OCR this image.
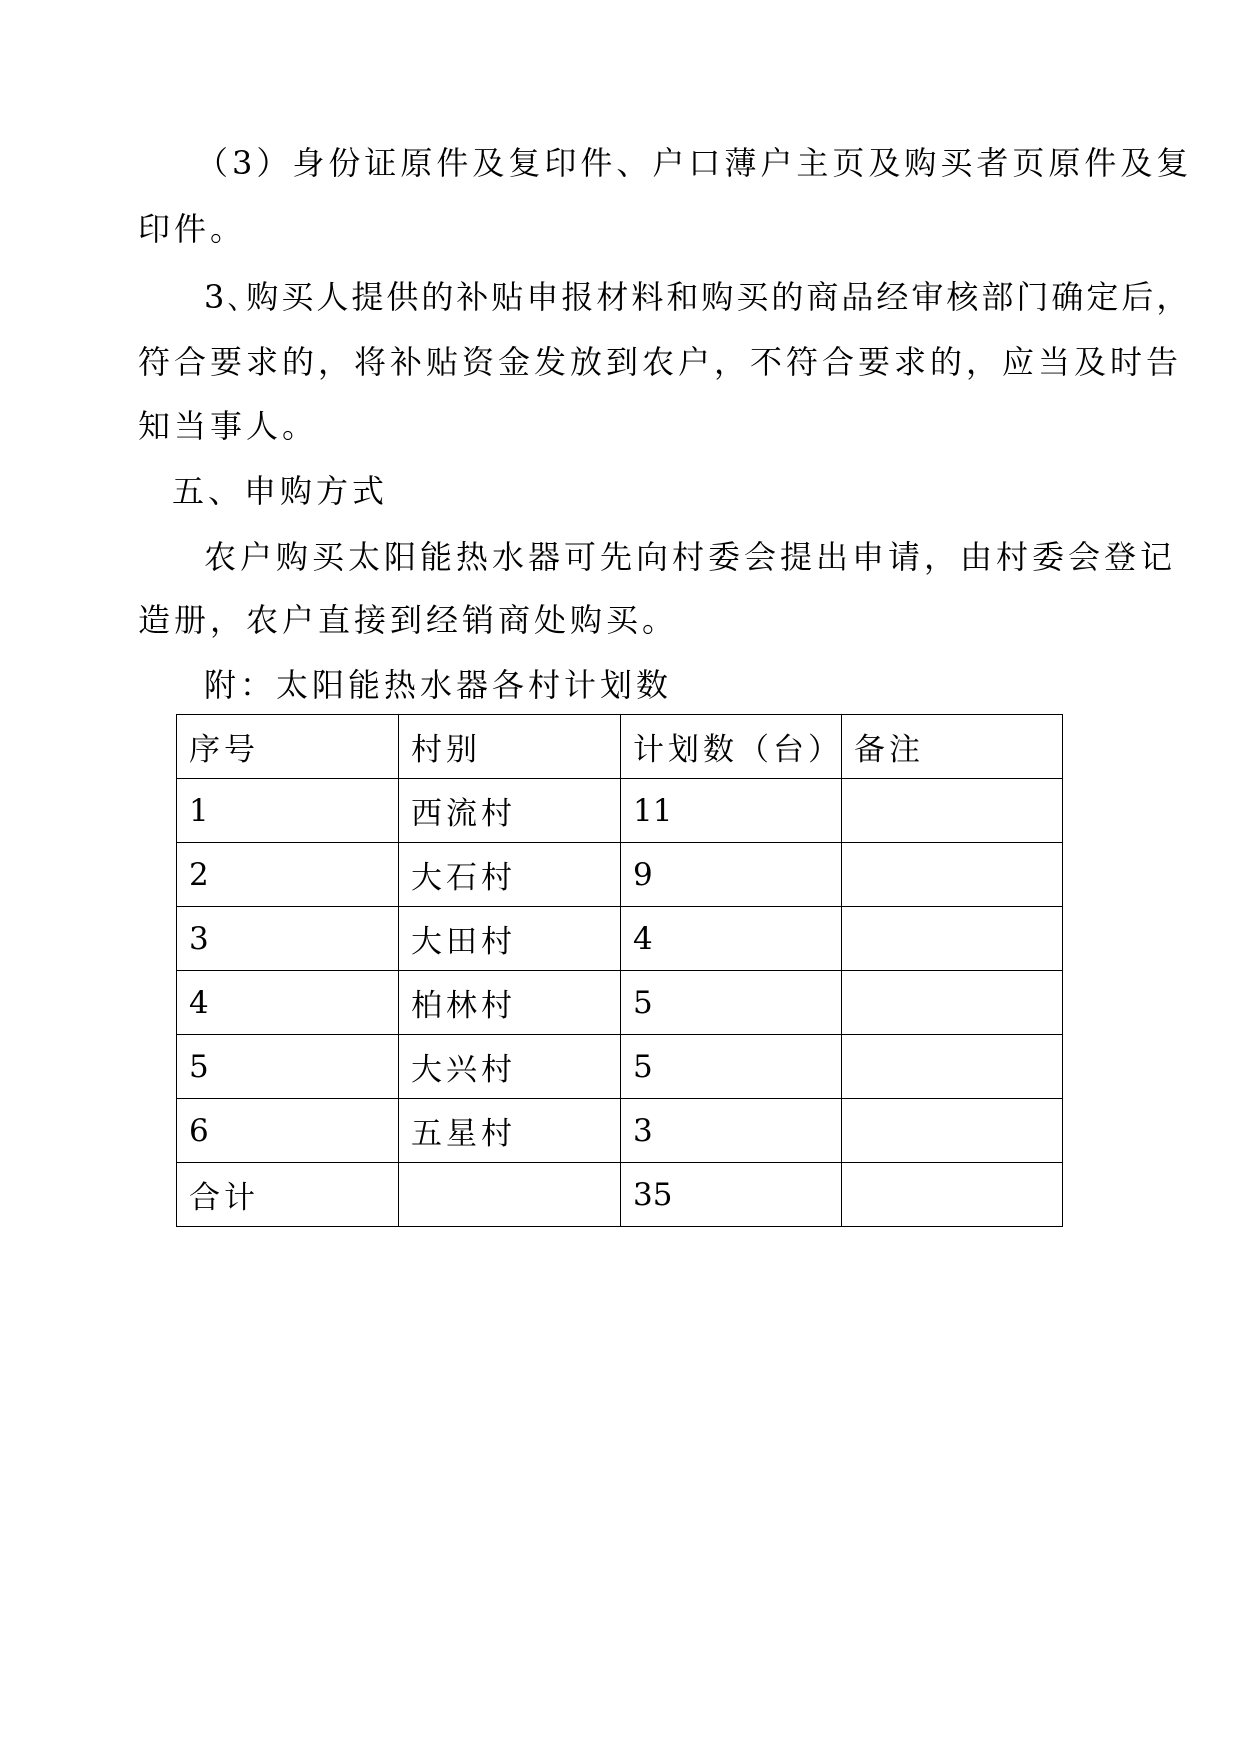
（3）身份证原件及复印件、户口薄户主页及购买者页原件及复
印件。
3､购买人提供的补贴申报材料和购买的商品经审核部门确定后，
符合要求的，将补贴资金发放到农户，不符合要求的，应当及时告
知当事人。
五、申购方式
农户购买太阳能热水器可先向村委会提出申请，由村委会登记
造册，农户直接到经销商处购买。
附：太阳能热水器各村计划数
序号	村别	计划数（台）	备注
1	西流村	11	
2	大石村	9	
3	大田村	4	
4	柏林村	5	
5	大兴村	5	
6	五星村	3	
合计		35	
